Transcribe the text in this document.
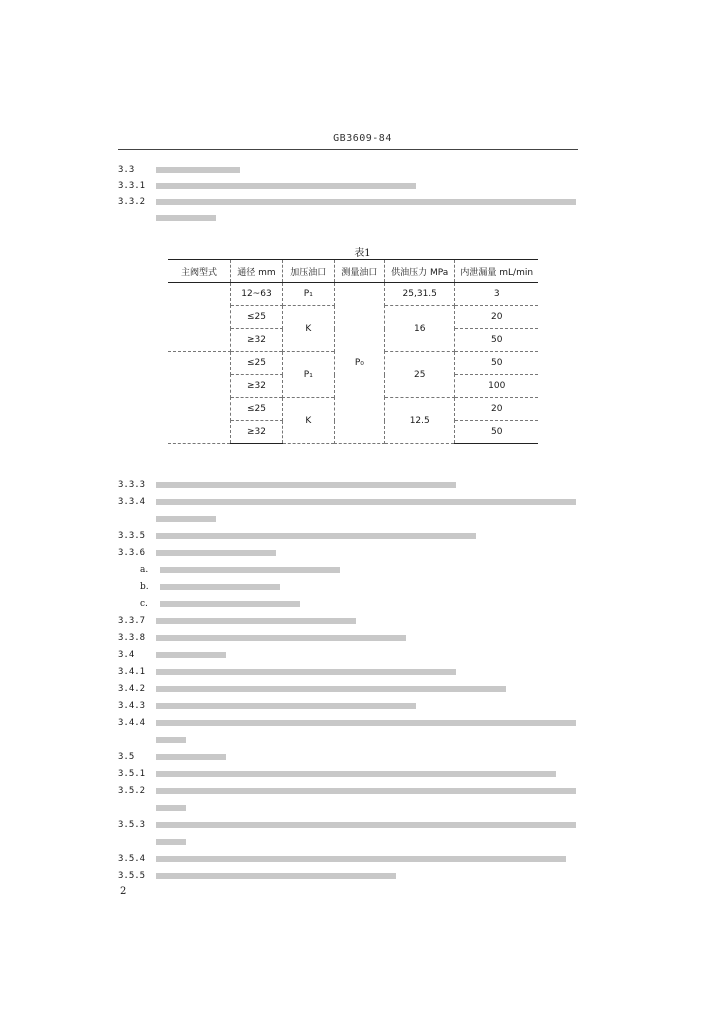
GB3609-84
3.3
3.3.1
3.3.2
表1
主阀型式	通径 mm	加压油口	测量油口	供油压力 MPa	内泄漏量 mL/min
	12~63	P₁	P₀	25,31.5	3
	≤25	K		16	20
	≥32				50
	≤25	P₁		25	50
	≥32				100
	≤25	K		12.5	20
	≥32				50
3.3.3
3.3.4
3.3.5
3.3.6
a.
b.
c.
3.3.7
3.3.8
3.4
3.4.1
3.4.2
3.4.3
3.4.4
3.5
3.5.1
3.5.2
3.5.3
3.5.4
3.5.5
2
